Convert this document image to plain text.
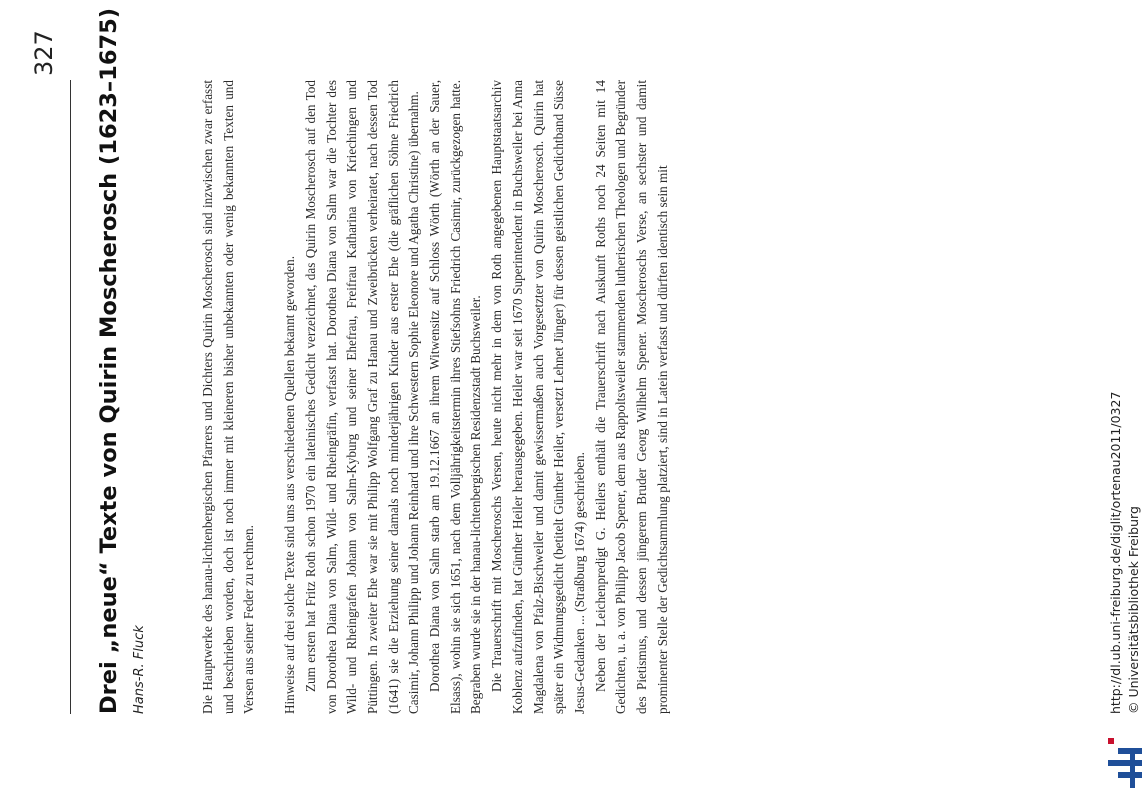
327 Drei „neue“ Texte von Quirin Moscherosch (1623–1675) Hans-R. Fluck	Die Hauptwerke des hanau-lichtenbergischen Pfarrers und Dichters Quirin Moscherosch sind inzwischen zwar erfasst und beschrieben worden, doch ist noch immer mit kleineren bisher unbekannten oder wenig bekannten Texten und Versen aus seiner Feder zu rechnen. Hinweise auf drei solche Texte sind uns aus verschiedenen Quellen bekannt geworden. Zum ersten hat Fritz Roth schon 1970 ein lateinisches Gedicht verzeichnet, das Quirin Moscherosch auf den Tod von Dorothea Diana von Salm, Wild- und Rheingräfin, verfasst hat. Dorothea Diana von Salm war die Tochter des Wild- und Rheingrafen Johann von Salm-Kyburg und seiner Ehefrau, Freifrau Katharina von Kriechingen und Püttingen. In zweiter Ehe war sie mit Philipp Wolfgang Graf zu Hanau und Zweibrücken verheiratet, nach dessen Tod (1641) sie die Erziehung seiner damals noch minderjährigen Kinder aus erster Ehe (die gräflichen Söhne Friedrich Casimir, Johann Philipp und Johann Reinhard und ihre Schwestern Sophie Eleonore und Agatha Christine) übernahm. Dorothea Diana von Salm starb am 19.12.1667 an ihrem Witwensitz auf Schloss Wörth (Wörth an der Sauer, Elsass), wohin sie sich 1651, nach dem Volljährigkeitstermin ihres Stiefsohns Friedrich Casimir, zurückgezogen hatte. Begraben wurde sie in der hanau-lichtenbergischen Residenzstadt Buchsweiler. Die Trauerschrift mit Moscheroschs Versen, heute nicht mehr in dem von Roth angegebenen Hauptstaatsarchiv Koblenz aufzufinden, hat Günther Heiler herausgegeben. Heiler war seit 1670 Superintendent in Buchsweiler bei Anna Magdalena von Pfalz-Bischweiler und damit gewissermaßen auch Vorgesetzter von Quirin Moscherosch. Quirin hat später ein Widmungsgedicht (betitelt Günther Heiler, versetzt Lehnet Jünger) für dessen geistlichen Gedichtband Süsse Jesus-Gedanken ... (Straßburg 1674) geschrieben. Neben der Leichenpredigt G. Heilers enthält die Trauerschrift nach Auskunft Roths noch 24 Seiten mit 14 Gedichten, u. a. von Philipp Jacob Spener, dem aus Rappoltsweiler stammenden lutherischen Theologen und Begründer des Pietismus, und dessen jüngerem Bruder Georg Wilhelm Spener. Moscheroschs Verse, an sechster und damit prominenter Stelle der Gedichtsammlung platziert, sind in Latein verfasst und dürften identisch sein mit	http://dl.ub.uni-freiburg.de/diglit/ortenau2011/0327 © Universitätsbibliothek Freiburg
